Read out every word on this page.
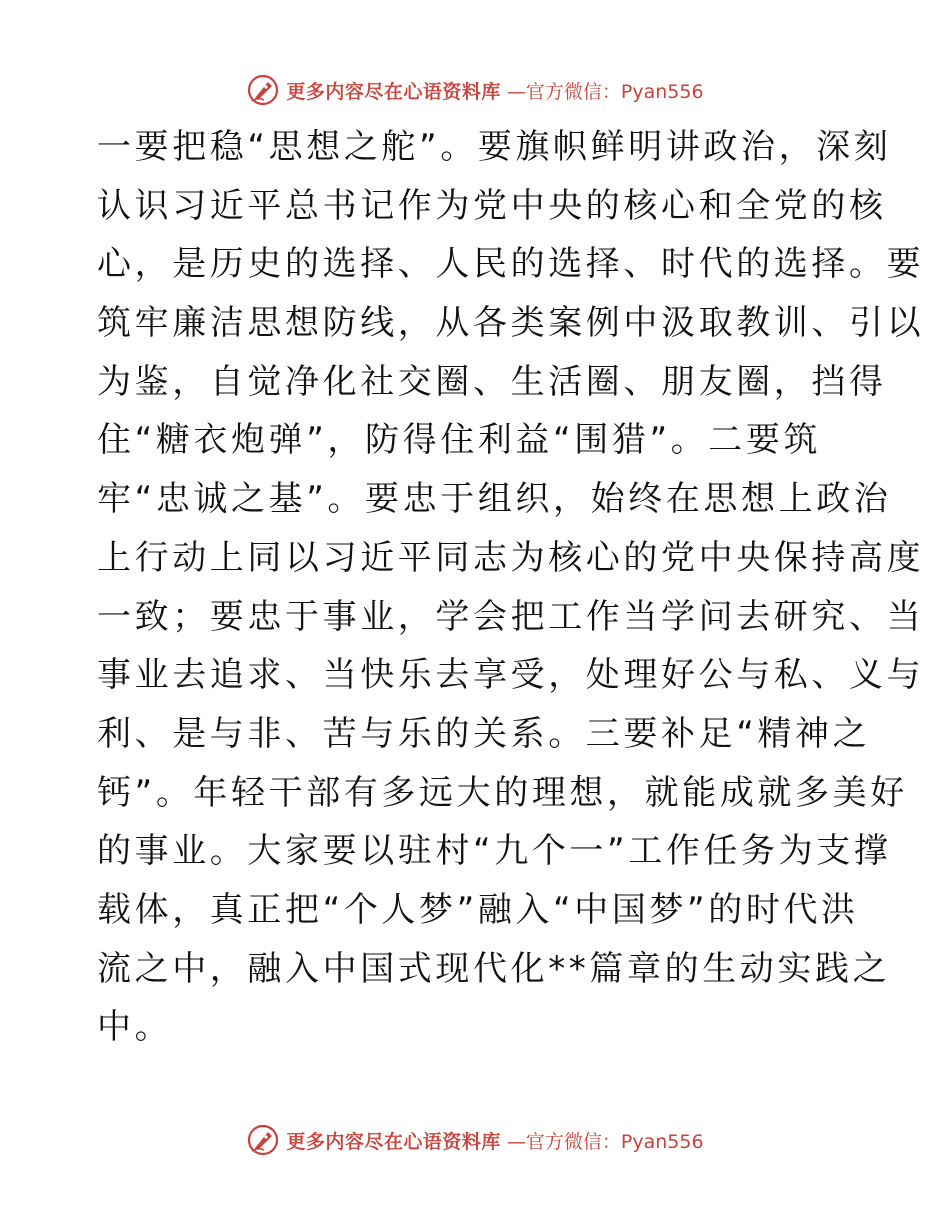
更多内容尽在心语资料库 —官方微信：Pyan556
一要把稳“思想之舵”。要旗帜鲜明讲政治，深刻
认识习近平总书记作为党中央的核心和全党的核
心，是历史的选择、人民的选择、时代的选择。要
筑牢廉洁思想防线，从各类案例中汲取教训、引以
为鉴，自觉净化社交圈、生活圈、朋友圈，挡得
住“糖衣炮弹”，防得住利益“围猎”。二要筑
牢“忠诚之基”。要忠于组织，始终在思想上政治
上行动上同以习近平同志为核心的党中央保持高度
一致；要忠于事业，学会把工作当学问去研究、当
事业去追求、当快乐去享受，处理好公与私、义与
利、是与非、苦与乐的关系。三要补足“精神之
钙”。年轻干部有多远大的理想，就能成就多美好
的事业。大家要以驻村“九个一”工作任务为支撑
载体，真正把“个人梦”融入“中国梦”的时代洪
流之中，融入中国式现代化**篇章的生动实践之
中。
更多内容尽在心语资料库 —官方微信：Pyan556
